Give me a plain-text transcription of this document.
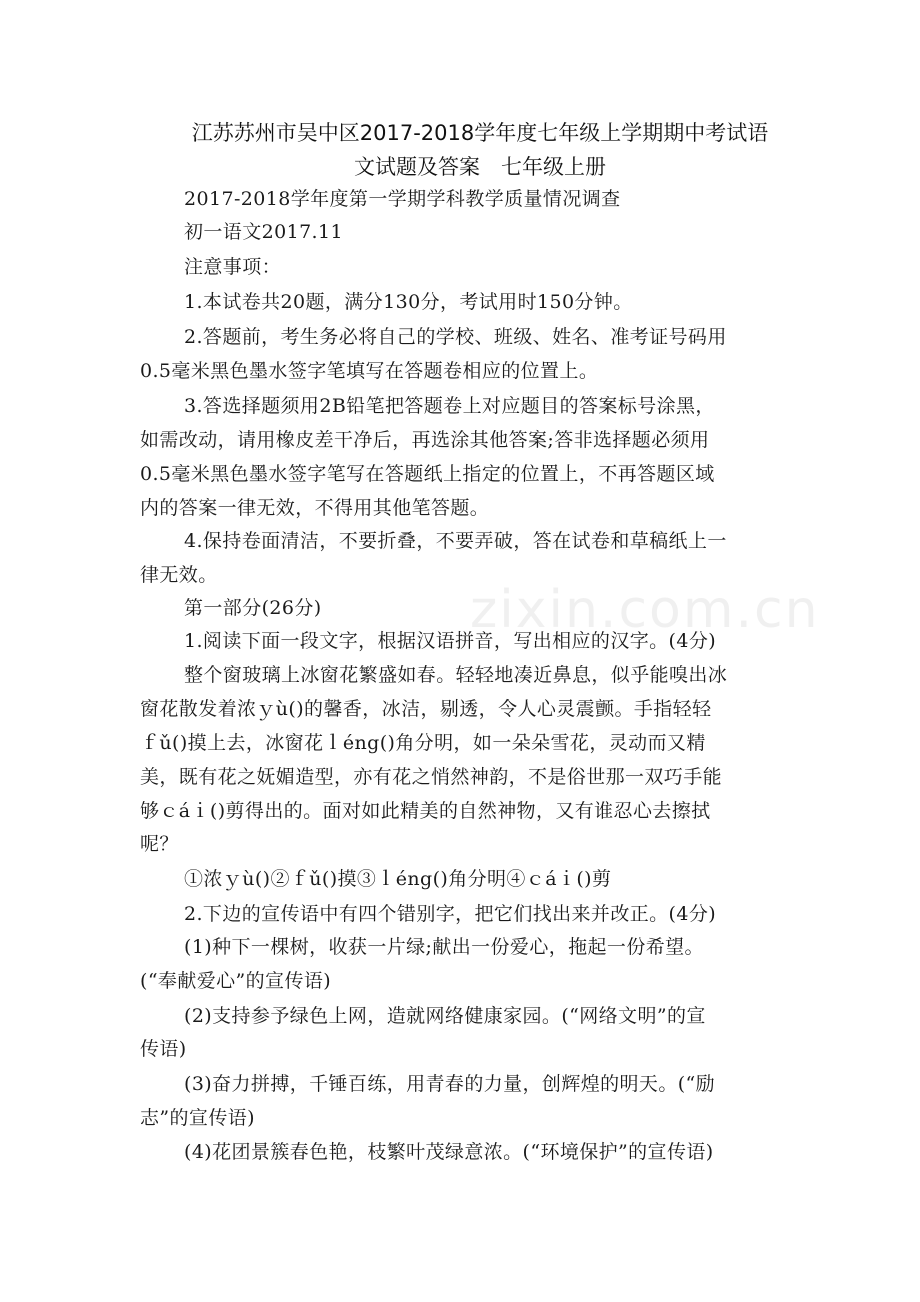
zixin.com.cn
江苏苏州市吴中区2017-2018学年度七年级上学期期中考试语
文试题及答案　七年级上册
2017-2018学年度第一学期学科教学质量情况调查
初一语文2017.11
注意事项：
1.本试卷共20题，满分130分，考试用时150分钟。
2.答题前，考生务必将自己的学校、班级、姓名、准考证号码用
0.5毫米黑色墨水签字笔填写在答题卷相应的位置上。
3.答选择题须用2B铅笔把答题卷上对应题目的答案标号涂黑，
如需改动，请用橡皮差干净后，再选涂其他答案;答非选择题必须用
0.5毫米黑色墨水签字笔写在答题纸上指定的位置上，不再答题区域
内的答案一律无效，不得用其他笔答题。
4.保持卷面清洁，不要折叠，不要弄破，答在试卷和草稿纸上一
律无效。
第一部分(26分)
1.阅读下面一段文字，根据汉语拼音，写出相应的汉字。(4分)
整个窗玻璃上冰窗花繁盛如春。轻轻地凑近鼻息，似乎能嗅出冰
窗花散发着浓ｙù()的馨香，冰洁，剔透，令人心灵震颤。手指轻轻
ｆǔ()摸上去，冰窗花ｌéng()角分明，如一朵朵雪花，灵动而又精
美，既有花之妩媚造型，亦有花之悄然神韵，不是俗世那一双巧手能
够ｃáｉ()剪得出的。面对如此精美的自然神物，又有谁忍心去擦拭
呢？
①浓ｙù()②ｆǔ()摸③ｌéng()角分明④ｃáｉ()剪
2.下边的宣传语中有四个错别字，把它们找出来并改正。(4分)
(1)种下一棵树，收获一片绿;献出一份爱心，拖起一份希望。
(“奉献爱心”的宣传语)
(2)支持参予绿色上网，造就网络健康家园。(“网络文明”的宣
传语)
(3)奋力拼搏，千锤百练，用青春的力量，创辉煌的明天。(“励
志”的宣传语)
(4)花团景簇春色艳，枝繁叶茂绿意浓。(“环境保护”的宣传语)
